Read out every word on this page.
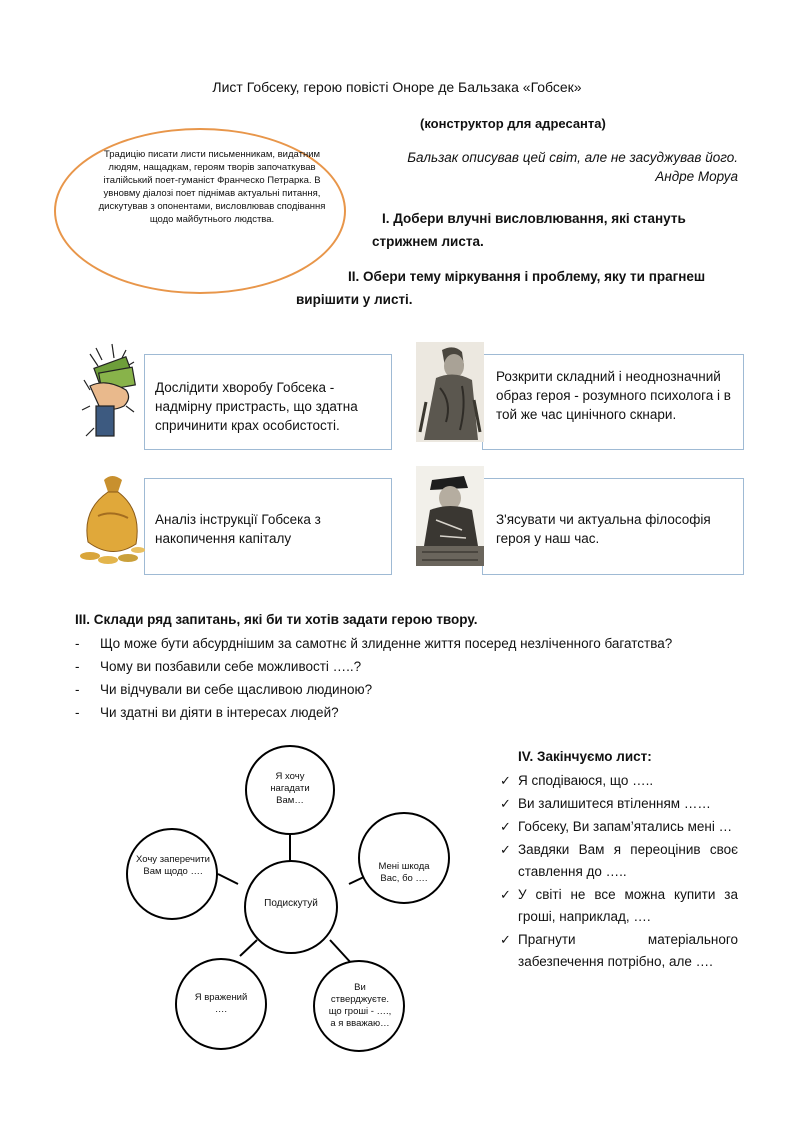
Лист Гобсеку, герою повісті Оноре де Бальзака «Гобсек»
(конструктор для адресанта)
Традицію писати листи письменникам, видатним людям, нащадкам, героям творів започаткував італійський поет-гуманіст Франческо Петрарка. В увновму діалозі поет піднімав актуальні питання, дискутував з опонентами, висловлював сподівання щодо майбутнього людства.
Бальзак описував цей світ, але не засуджував його.
Андре Моруа
І. Добери влучні висловлювання, які стануть стрижнем листа.
ІІ. Обери тему міркування і проблему, яку ти прагнеш вирішити у листі.
Дослідити хворобу Гобсека - надмірну пристрасть, що здатна спричинити крах особистості.
Розкрити складний і неоднозначний образ героя - розумного психолога і в той же час цинічного скнари.
Аналіз інструкції Гобсека з накопичення капіталу
З'ясувати чи актуальна філософія героя у наш час.
ІІІ. Склади ряд запитань, які би ти хотів задати герою твору.
- Що може бути абсурднішим за самотнє й злиденне життя посеред незліченного багатства?
- Чому ви позбавили себе можливості …..?
- Чи відчували ви себе щасливою людиною?
- Чи здатні ви діяти в інтересах людей?
Подискутуй
Я хочу нагадати Вам…
Мені шкода Вас, бо ….
Ви стверджуєте. що гроші - …., а я вважаю…
Я вражений ….
Хочу заперечити Вам щодо ….
IV. Закінчуємо лист:
✓ Я сподіваюся, що …..
✓ Ви залишитеся втіленням ……
✓ Гобсеку, Ви запам’ятались мені …
✓ Завдяки Вам я переоцінив своє ставлення до …..
✓ У світі не все можна купити за гроші, наприклад, ….
✓ Прагнути матеріального забезпечення потрібно, але ….
